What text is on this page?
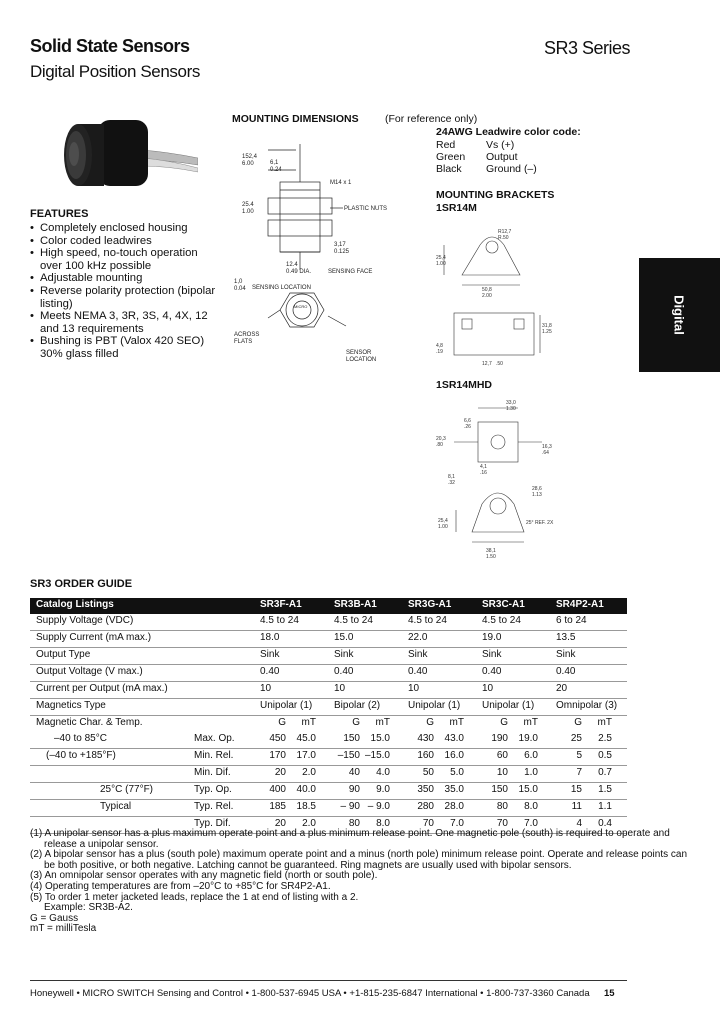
Solid State Sensors
Digital Position Sensors
SR3 Series
FEATURES
• Completely enclosed housing
• Color coded leadwires
• High speed, no-touch operation over 100 kHz possible
• Adjustable mounting
• Reverse polarity protection (bipolar listing)
• Meets NEMA 3, 3R, 3S, 4, 4X, 12 and 13 requirements
• Bushing is PBT (Valox 420 SEO) 30% glass filled
MOUNTING DIMENSIONS	(For reference only)
152,4
6.00	6,1
0.24
M14 x 1
25.4
1.00	PLASTIC NUTS
3,17
0.125
12.4
0.49 DIA.	SENSING FACE
1,0
0.04 SENSING LOCATION
ACROSS
FLATS
MICRO
SENSOR
LOCATION
24AWG Leadwire color code:
Red	Vs (+)
Green Output
Black Ground (–)
MOUNTING BRACKETS
1SR14M
R12,7
R.50
25,4
1.00
50,8
2.00
31,8
1.25
4,8
.19
12,7 .50
1SR14MHD
33,0
1.30
6,6
.26
20,3
.80	16,3
.64
4,1
.16
8,1
.32
38,1
1.50
25,4
1.00
28,6
1.13
25° REF. 2X
Digital
SR3 ORDER GUIDE
Catalog Listings	SR3F-A1	SR3B-A1	SR3G-A1	SR3C-A1	SR4P2-A1
Supply Voltage (VDC)	4.5 to 24	4.5 to 24	4.5 to 24	4.5 to 24	6 to 24
Supply Current (mA max.)	18.0	15.0	22.0	19.0	13.5
Output Type	Sink	Sink	Sink	Sink	Sink
Output Voltage (V max.)	0.40	0.40	0.40	0.40	0.40
Current per Output (mA max.)	10	10	10	10	20
Magnetics Type	Unipolar (1)	Bipolar (2)	Unipolar (1)	Unipolar (1)	Omnipolar (3)
Magnetic Char. & Temp.	G mT	G mT	G mT	G mT	G mT
–40 to 85°C Max. Op.	450 45.0	150 15.0	430 43.0	190 19.0	25 2.5
(–40 to +185°F) Min. Rel.	170 17.0	–150 –15.0	160 16.0	60 6.0	5 0.5
Min. Dif.	20 2.0	40 4.0	50 5.0	10 1.0	7 0.7
25°C (77°F) Typ. Op.	400 40.0	90 9.0	350 35.0	150 15.0	15 1.5
Typical Typ. Rel.	185 18.5	– 90 – 9.0	280 28.0	80 8.0	11 1.1
Typ. Dif.	20 2.0	80 8.0	70 7.0	70 7.0	4 0.4
(1) A unipolar sensor has a plus maximum operate point and a plus minimum release point. One magnetic pole (south) is required to operate and
release a unipolar sensor.
(2) A bipolar sensor has a plus (south pole) maximum operate point and a minus (north pole) minimum release point. Operate and release points can
be both positive, or both negative. Latching cannot be guaranteed. Ring magnets are usually used with bipolar sensors.
(3) An omnipolar sensor operates with any magnetic field (north or south pole).
(4) Operating temperatures are from –20°C to +85°C for SR4P2-A1.
(5) To order 1 meter jacketed leads, replace the 1 at end of listing with a 2.
Example: SR3B-A2.
G = Gauss
mT = milliTesla
Honeywell • MICRO SWITCH Sensing and Control • 1-800-537-6945 USA • +1-815-235-6847 International • 1-800-737-3360 Canada 15
